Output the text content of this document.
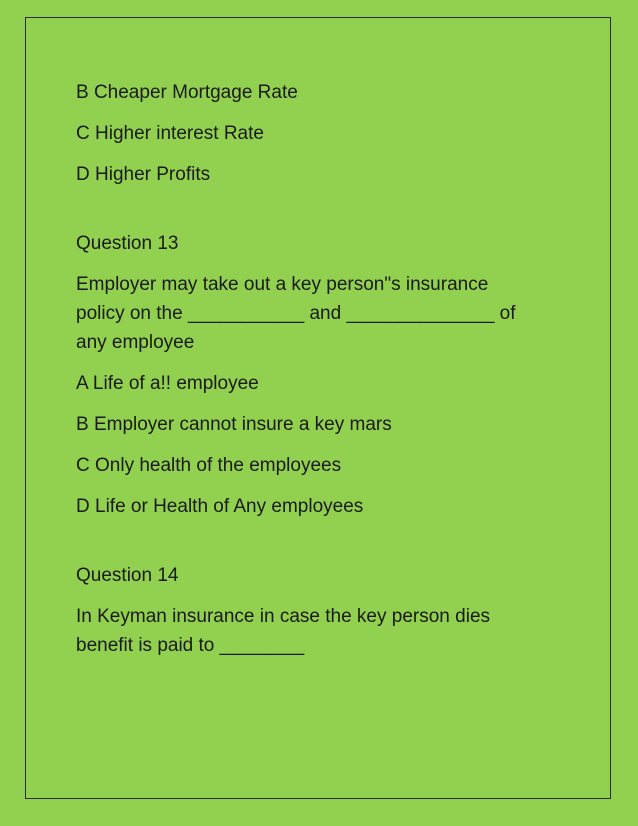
B Cheaper Mortgage Rate
C Higher interest Rate
D Higher Profits
Question 13
Employer may take out a key person"s insurance
policy on the ___________ and ______________ of
any employee
A Life of a!! employee
B Employer cannot insure a key mars
C Only health of the employees
D Life or Health of Any employees
Question 14
In Keyman insurance in case the key person dies
benefit is paid to ________
